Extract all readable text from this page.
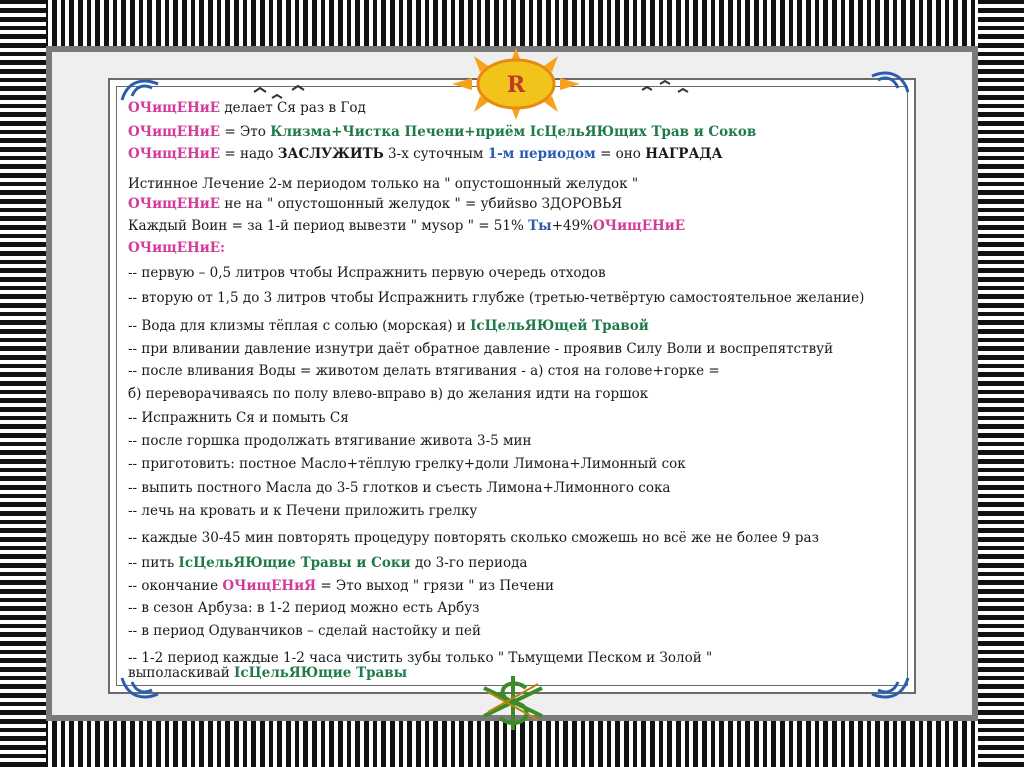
R
ОЧищЕНиЕ делает Ся раз в Год
ОЧищЕНиЕ = Это Клизма+Чистка Печени+приём ІсЦельЯЮщих Трав и Соков
ОЧищЕНиЕ = надо ЗАСЛУЖИТЬ 3-х суточным 1-м периодом = оно НАГРАДА
Истинное Лечение 2-м периодом только на " опустошонный желудок "
ОЧищЕНиЕ не на " опустошонный желудок " = убийsво ЗДОРОВЬЯ
Каждый Воин = за 1-й период вывезти " муsор " = 51% Ты+49%ОЧищЕНиЕ
ОЧищЕНиЕ:
-- первую – 0,5 литров чтобы Испражнить первую очередь отходов
-- вторую от 1,5 до 3 литров чтобы Испражнить глубже (третью-четвёртую самостоятельное желание)
-- Вода для клизмы тёплая с солью (морская) и ІсЦельЯЮщей Травой
-- при вливании давление изнутри даёт обратное давление - проявив Силу Воли и воспрепятствуй
-- после вливания Воды = животом делать втягивания - а) стоя на голове+горке =
б) переворачиваясь по полу влево-вправо в) до желания идти на горшок
-- Испражнить Ся и помыть Ся
-- после горшка продолжать втягивание живота 3-5 мин
-- приготовить: постное Масло+тёплую грелку+доли Лимона+Лимонный сок
-- выпить постного Масла до 3-5 глотков и съесть Лимона+Лимонного сока
-- лечь на кровать и к Печени приложить грелку
-- каждые 30-45 мин повторять процедуру повторять сколько сможешь но всё же не более 9 раз
-- пить ІсЦельЯЮщие Травы и Соки до 3-го периода
-- окончание ОЧищЕНиЯ = Это выход " грязи " из Печени
-- в сезон Арбуза: в 1-2 период можно есть Арбуз
-- в период Одуванчиков – сделай настойку и пей
-- 1-2 период каждые 1-2 часа чистить зубы только " Тьмущеми Песком и Золой "
выполаскивай ІсЦельЯЮщие Травы
